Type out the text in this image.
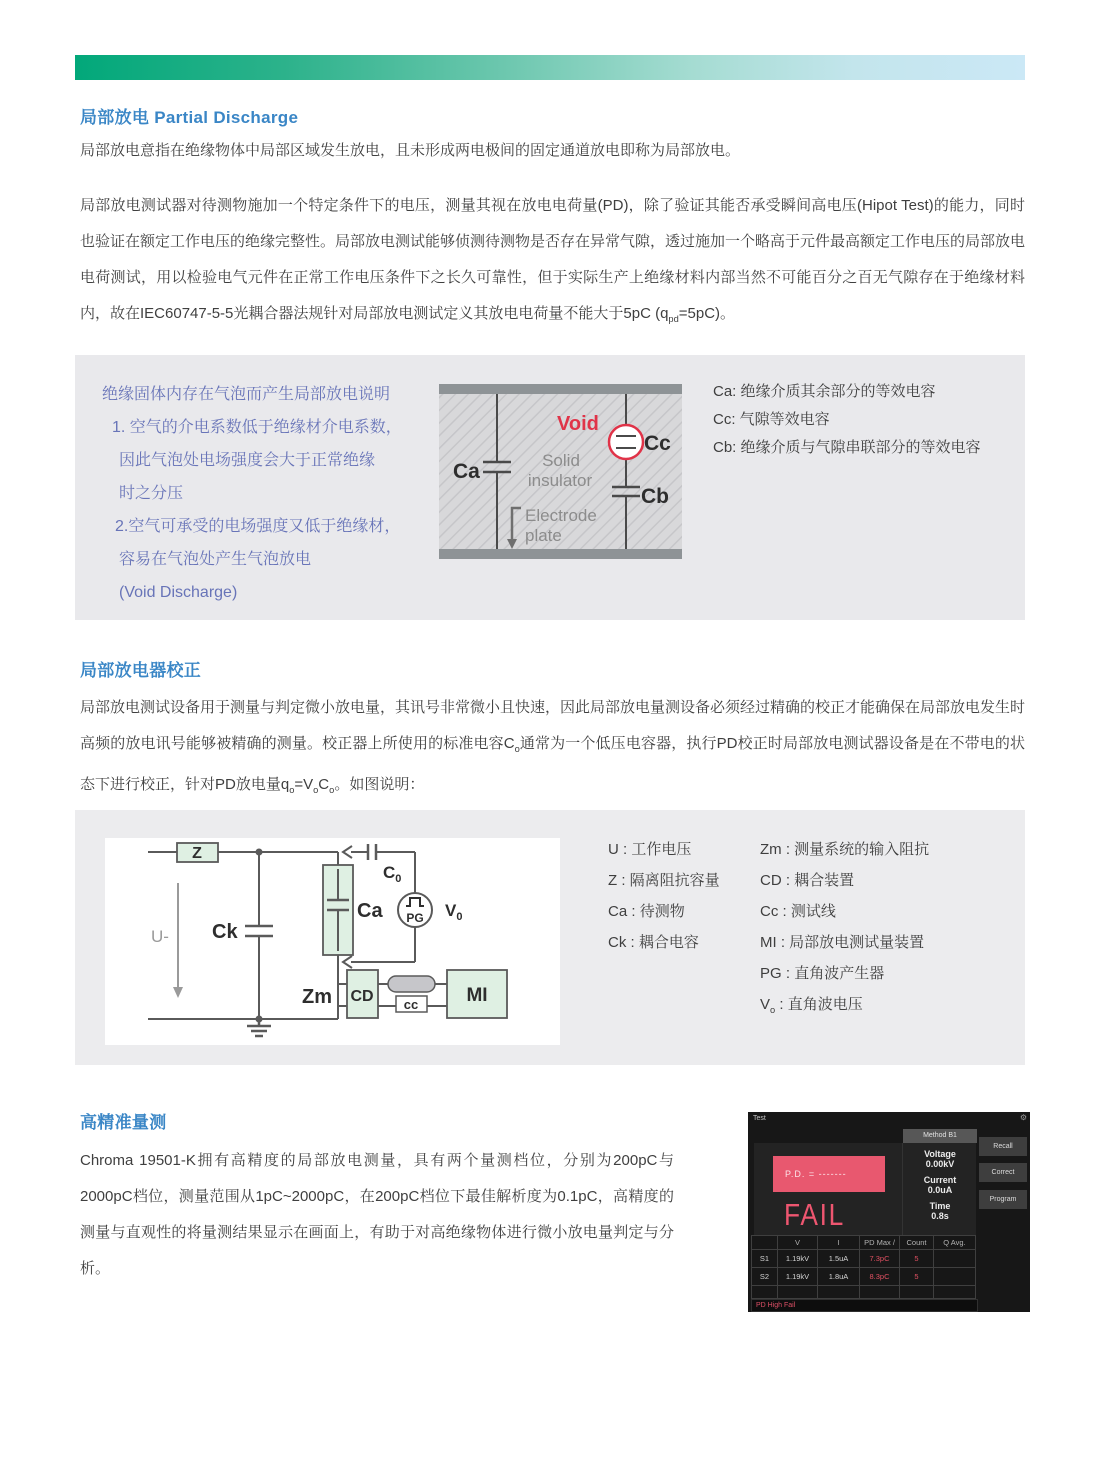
局部放电 Partial Discharge
局部放电意指在绝缘物体中局部区域发生放电，且未形成两电极间的固定通道放电即称为局部放电。
局部放电测试器对待测物施加一个特定条件下的电压，测量其视在放电电荷量(PD)，除了验证其能否承受瞬间高电压(Hipot Test)的能力，同时也验证在额定工作电压的绝缘完整性。局部放电测试能够侦测待测物是否存在异常气隙，透过施加一个略高于元件最高额定工作电压的局部放电电荷测试，用以检验电气元件在正常工作电压条件下之长久可靠性，但于实际生产上绝缘材料内部当然不可能百分之百无气隙存在于绝缘材料内，故在IEC60747-5-5光耦合器法规针对局部放电测试定义其放电电荷量不能大于5pC $(q_{pd}=5pC)$。
绝缘固体内存在气泡而产生局部放电说明
1. 空气的介电系数低于绝缘材介电系数，
因此气泡处电场强度会大于正常绝缘
时之分压
2.空气可承受的电场强度又低于绝缘材，
容易在气泡处产生气泡放电
(Void Discharge)
Ca
Void
Cc
Cb
Solid
insulator
Electrode
plate
Ca: 绝缘介质其余部分的等效电容
Cc: 气隙等效电容
Cb: 绝缘介质与气隙串联部分的等效电容
局部放电器校正
局部放电测试设备用于测量与判定微小放电量，其讯号非常微小且快速，因此局部放电量测设备必须经过精确的校正才能确保在局部放电发生时高频的放电讯号能够被精确的测量。校正器上所使用的标准电容$C_o$通常为一个低压电容器，执行PD校正时局部放电测试器设备是在不带电的状态下进行校正，针对PD放电量$q_o=V_oC_o$。如图说明：
Z
PG
CD cc	MI
U- Ck
Ca
$C_0$
$V_0$
Zm
U : 工作电压
Z : 隔离阻抗容量
Ca : 待测物
Ck : 耦合电容
Zm : 测量系统的输入阻抗
CD : 耦合装置
Cc : 测试线
MI : 局部放电测试量装置
PG : 直角波产生器
$V_o$ : 直角波电压
高精准量测
Chroma 19501-K拥有高精度的局部放电测量，具有两个量测档位，分别为200pC与2000pC档位，测量范围从1pC~2000pC，在200pC档位下最佳解析度为0.1pC，高精度的测量与直观性的将量测结果显示在画面上，有助于对高绝缘物体进行微小放电量判定与分析。
Test	⚙
Method B1
P.D. = -------
FAIL
Voltage
0.00kV
Current
0.0uA
Time
0.8s
Recall
Correct
Program
	V	I	PD Max /	Count	Q Avg.
S1	1.19kV	1.5uA	7.3pC	5	
S2	1.19kV	1.8uA	8.3pC	5	

PD High Fail
